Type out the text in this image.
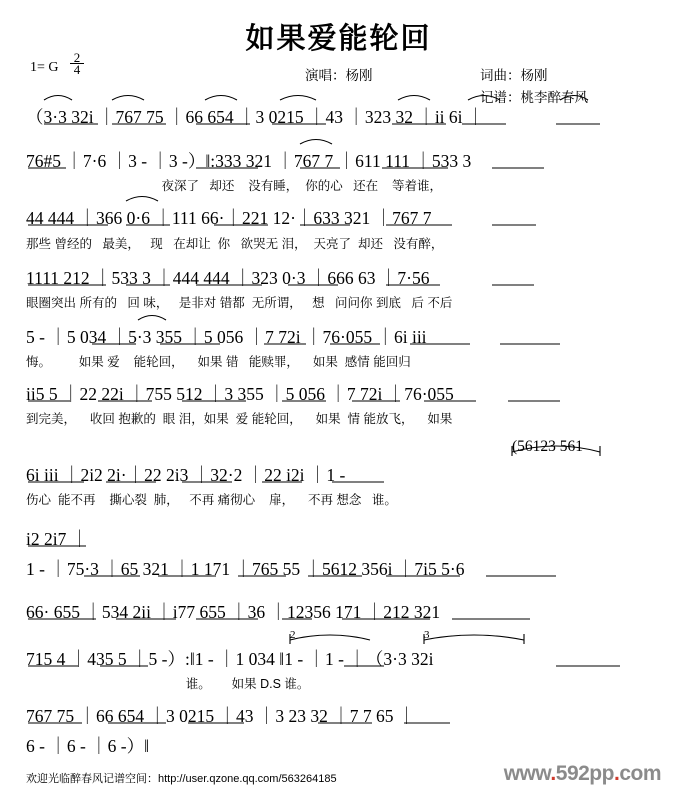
如果爱能轮回
1= G $\frac{2}{4}$
演唱：杨刚	词曲：杨刚
记谱：桃李醉春风
（3·3 32i ｜767 75 ｜66 654 ｜3 0215 ｜43 ｜323 32 ｜ii 6i ｜
76#5 ｜7·6 ｜3 - ｜3 -）‖:333 321 ｜767 7 ｜611 111 ｜533 3
夜深了   却还    没有睡，  你的心   还在    等着谁，
44 444 ｜366 0·6 ｜111 66·｜221 12·｜633 321 ｜767 7
那些 曾经的   最美，   现   在却让  你   欲哭无 泪，  天亮了  却还   没有醉，
1111 212 ｜533 3 ｜444 444 ｜323 0·3 ｜666 63 ｜7·56
眼圈突出 所有的   回 味，   是非对 错都  无所谓，   想   问问你 到底   后 不后
5 - ｜5 034 ｜5·3 355 ｜5 056 ｜7 72i ｜76·055 ｜6i iii
悔。        如果 爱    能轮回，    如果 错   能赎罪，    如果  感情 能回归
ii5 5 ｜22 22i ｜755 512 ｜3 355 ｜5 056 ｜7 72i ｜76·055
到完美，    收回 抱歉的  眼 泪，如果  爱 能轮回，    如果  情 能放飞，    如果
(56123 561
6i iii ｜2i2 2i·｜22 2i3 ｜32·2 ｜22 i2i ｜1 -
伤心  能不再    撕心裂  肺，   不再 痛彻心    扉，    不再 想念   谁。
i2 2i7 ｜
1 - ｜75·3 ｜65 321 ｜1 171 ｜765 55 ｜5612 356i ｜7i5 5·6
66· 655 ｜534 2ii ｜i77 655 ｜36 ｜12356 171 ｜212 321
2	3
715 4 ｜435 5 ｜5 -）:‖1 - ｜1 034 ‖1 - ｜1 - ｜（3·3 32i
谁。      如果 D.S 谁。
767 75 ｜66 654 ｜3 0215 ｜43 ｜3 23 32 ｜7 7 65 ｜
6 - ｜6 - ｜6 -）‖
欢迎光临醉春风记谱空间：http://user.qzone.qq.com/563264185	www.592pp.com
